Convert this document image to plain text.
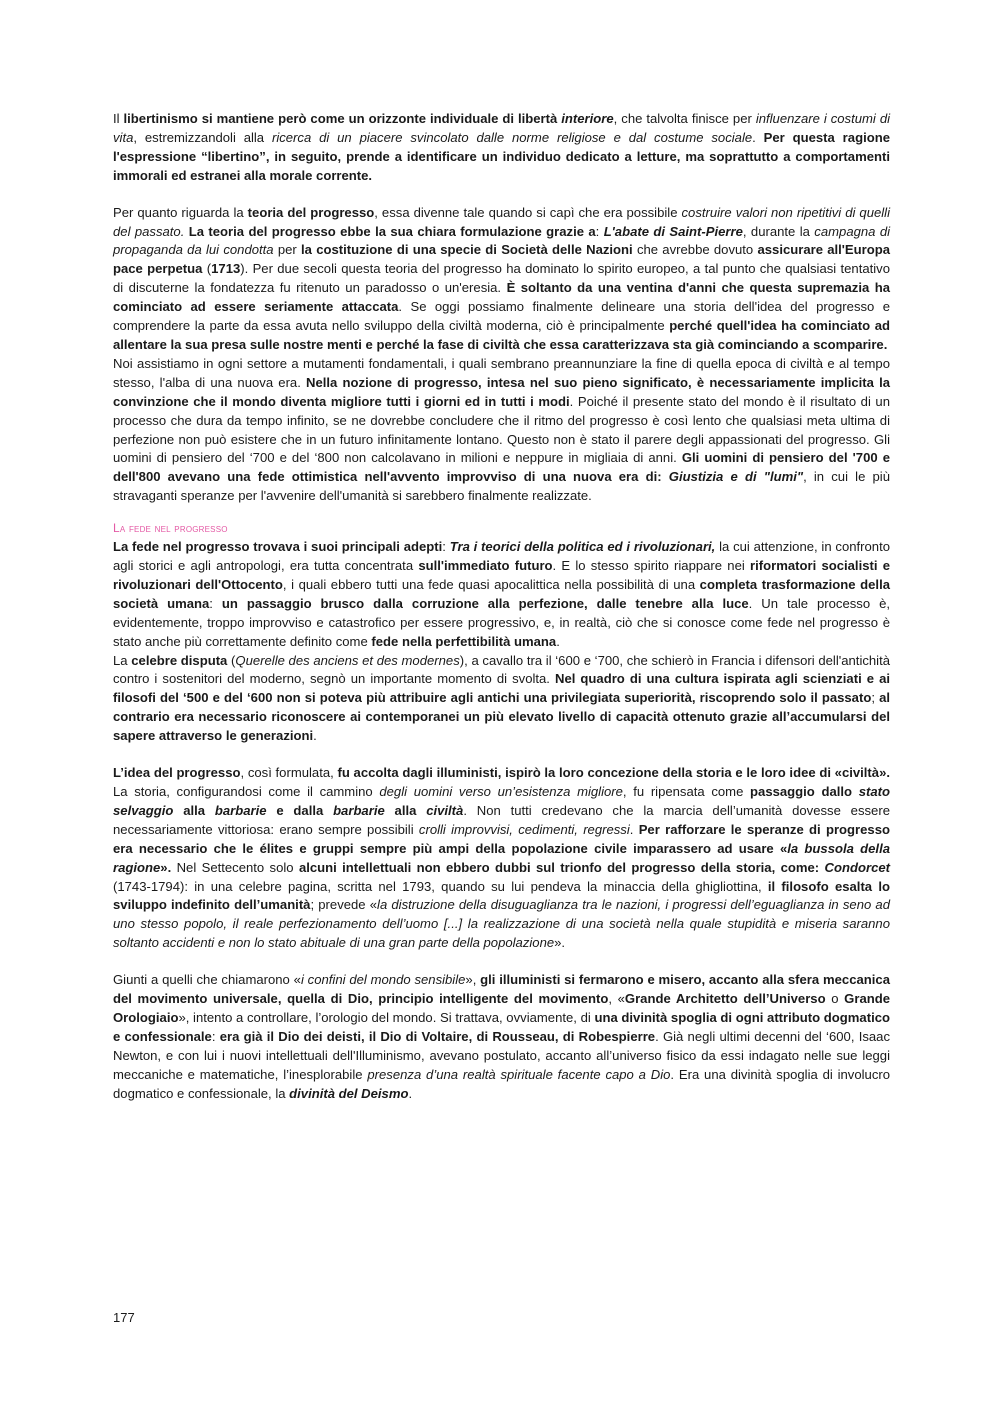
Il libertinismo si mantiene però come un orizzonte individuale di libertà interiore, che talvolta ﬁnisce per inﬂuenzare i costumi di vita, estremizzandoli alla ricerca di un piacere svincolato dalle norme religiose e dal costume sociale. Per questa ragione l'espressione “libertino”, in seguito, prende a identiﬁcare un individuo dedicato a letture, ma soprattutto a comportamenti immorali ed estranei alla morale corrente.

Per quanto riguarda la teoria del progresso, essa divenne tale quando si capì che era possibile costruire valori non ripetitivi di quelli del passato. La teoria del progresso ebbe la sua chiara formulazione grazie a: L'abate di Saint-Pierre, durante la campagna di propaganda da lui condotta per la costituzione di una specie di Società delle Nazioni che avrebbe dovuto assicurare all'Europa pace perpetua (1713). Per due secoli questa teoria del progresso ha dominato lo spirito europeo, a tal punto che qualsiasi tentativo di discuterne la fondatezza fu ritenuto un paradosso o un'eresia. È soltanto da una ventina d'anni che questa supremazia ha cominciato ad essere seriamente attaccata. Se oggi possiamo ﬁnalmente delineare una storia dell'idea del progresso e comprendere la parte da essa avuta nello sviluppo della civiltà moderna, ciò è principalmente perché quell'idea ha cominciato ad allentare la sua presa sulle nostre menti e perché la fase di civiltà che essa caratterizzava sta già cominciando a scomparire.

Noi assistiamo in ogni settore a mutamenti fondamentali, i quali sembrano preannunziare la ﬁne di quella epoca di civiltà e al tempo stesso, l'alba di una nuova era. Nella nozione di progresso, intesa nel suo pieno signiﬁcato, è necessariamente implicita la convinzione che il mondo diventa migliore tutti i giorni ed in tutti i modi. Poiché il presente stato del mondo è il risultato di un processo che dura da tempo inﬁnito, se ne dovrebbe concludere che il ritmo del progresso è così lento che qualsiasi meta ultima di perfezione non può esistere che in un futuro inﬁnitamente lontano. Questo non è stato il parere degli appassionati del progresso. Gli uomini di pensiero del ‘700 e del ‘800 non calcolavano in milioni e neppure in migliaia di anni. Gli uomini di pensiero del '700 e dell'800 avevano una fede ottimistica nell'avvento improvviso di una nuova era di: Giustizia e di "lumi", in cui le più stravaganti speranze per l'avvenire dell'umanità si sarebbero ﬁnalmente realizzate.

La fede nel progresso

La fede nel progresso trovava i suoi principali adepti: Tra i teorici della politica ed i rivoluzionari, la cui attenzione, in confronto agli storici e agli antropologi, era tutta concentrata sull'immediato futuro. E lo stesso spirito riappare nei riformatori socialisti e rivoluzionari dell'Ottocento, i quali ebbero tutti una fede quasi apocalittica nella possibilità di una completa trasformazione della società umana: un passaggio brusco dalla corruzione alla perfezione, dalle tenebre alla luce. Un tale processo è, evidentemente, troppo improvviso e catastroﬁco per essere progressivo, e, in realtà, ciò che si conosce come fede nel progresso è stato anche più correttamente deﬁnito come fede nella perfettibilità umana.

La celebre disputa (Querelle des anciens et des modernes), a cavallo tra il ‘600 e ‘700, che schierò in Francia i difensori dell'antichità contro i sostenitori del moderno, segnò un importante momento di svolta. Nel quadro di una cultura ispirata agli scienziati e ai ﬁlosoﬁ del ‘500 e del ‘600 non si poteva più attribuire agli antichi una privilegiata superiorità, riscoprendo solo il passato; al contrario era necessario riconoscere ai contemporanei un più elevato livello di capacità ottenuto grazie all’accumularsi del sapere attraverso le generazioni.

L’idea del progresso, così formulata, fu accolta dagli illuministi, ispirò la loro concezione della storia e le loro idee di «civiltà». La storia, conﬁgurandosi come il cammino degli uomini verso un’esistenza migliore, fu ripensata come passaggio dallo stato selvaggio alla barbarie e dalla barbarie alla civiltà. Non tutti credevano che la marcia dell’umanità dovesse essere necessariamente vittoriosa: erano sempre possibili crolli improvvisi, cedimenti, regressi. Per rafforzare le speranze di progresso era necessario che le élites e gruppi sempre più ampi della popolazione civile imparassero ad usare «la bussola della ragione». Nel Settecento solo alcuni intellettuali non ebbero dubbi sul trionfo del progresso della storia, come: Condorcet (1743-1794): in una celebre pagina, scritta nel 1793, quando su lui pendeva la minaccia della ghigliottina, il ﬁlosofo esalta lo sviluppo indeﬁnito dell’umanità; prevede «la distruzione della disuguaglianza tra le nazioni, i progressi dell’eguaglianza in seno ad uno stesso popolo, il reale perfezionamento dell’uomo [...] la realizzazione di una società nella quale stupidità e miseria saranno soltanto accidenti e non lo stato abituale di una gran parte della popolazione».

Giunti a quelli che chiamarono «i conﬁni del mondo sensibile», gli illuministi si fermarono e misero, accanto alla sfera meccanica del movimento universale, quella di Dio, principio intelligente del movimento, «Grande Architetto dell’Universo o Grande Orologiaio», intento a controllare, l’orologio del mondo. Si trattava, ovviamente, di una divinità spoglia di ogni attributo dogmatico e confessionale: era già il Dio dei deisti, il Dio di Voltaire, di Rousseau, di Robespierre. Già negli ultimi decenni del ‘600, Isaac Newton, e con lui i nuovi intellettuali dell'Illuminismo, avevano postulato, accanto all’universo ﬁsico da essi indagato nelle sue leggi meccaniche e matematiche, l’inesplorabile presenza d’una realtà spirituale facente capo a Dio. Era una divinità spoglia di involucro dogmatico e confessionale, la divinità del Deismo.

177
